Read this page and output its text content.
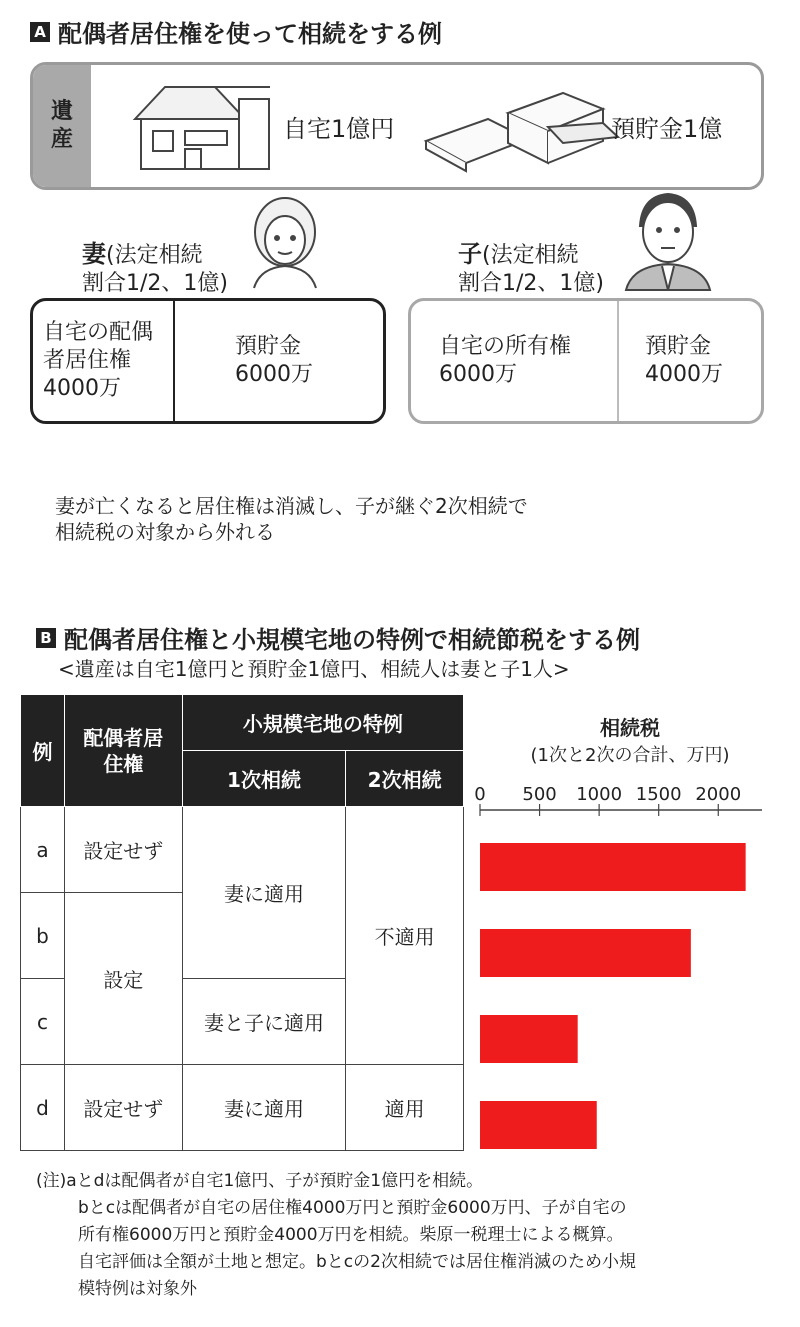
A 配偶者居住権を使って相続をする例
遺産	自宅1億円	預貯金1億
妻(法定相続
割合1/2、1億)
子(法定相続
割合1/2、1億)
自宅の配偶
者居住権
4000万
預貯金
6000万
自宅の所有権
6000万
預貯金
4000万
妻が亡くなると居住権は消滅し、子が継ぐ2次相続で
相続税の対象から外れる
B 配偶者居住権と小規模宅地の特例で相続節税をする例
<遺産は自宅1億円と預貯金1億円、相続人は妻と子1人>
例	配偶者居住権	小規模宅地の特例	
		1次相続	2次相続
a	設定せず	妻に適用	不適用
b	設定		
c		妻と子に適用	
d	設定せず	妻に適用	適用
相続税
(1次と2次の合計、万円)
0 500 1000 1500 2000
(注)aとdは配偶者が自宅1億円、子が預貯金1億円を相続。
bとcは配偶者が自宅の居住権4000万円と預貯金6000万円、子が自宅の
所有権6000万円と預貯金4000万円を相続。柴原一税理士による概算。
自宅評価は全額が土地と想定。bとcの2次相続では居住権消滅のため小規
模特例は対象外
